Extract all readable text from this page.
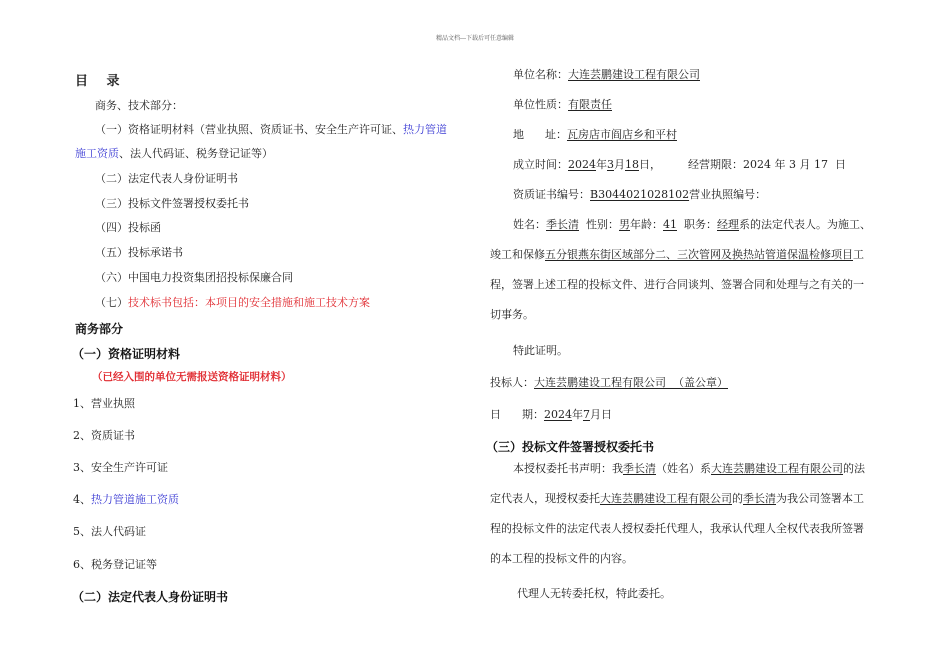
精品文档---下载后可任意编辑
目 录
商务、技术部分：
（一）资格证明材料（营业执照、资质证书、安全生产许可证、热力管道
施工资质、法人代码证、税务登记证等）
（二）法定代表人身份证明书
（三）投标文件签署授权委托书
（四）投标函
（五）投标承诺书
（六）中国电力投资集团招投标保廉合同
（七）技术标书包括：本项目的安全措施和施工技术方案
商务部分
（一）资格证明材料
（已经入围的单位无需报送资格证明材料）
1、营业执照
2、资质证书
3、安全生产许可证
4、热力管道施工资质
5、法人代码证
6、税务登记证等
（二）法定代表人身份证明书
单位名称：大连芸鹏建设工程有限公司
单位性质：有限责任
地      址：瓦房店市阎店乡和平村
成立时间：2024年3月18日， 经营期限：2024 年 3 月 17  日
资质证书编号：B3044021028102营业执照编号：
姓名：季长清  性别：男年龄：41  职务：经理系的法定代表人。为施工、
竣工和保修五分银燕东街区域部分二、三次管网及换热站管道保温检修项目工
程，签署上述工程的投标文件、进行合同谈判、签署合同和处理与之有关的一
切事务。
特此证明。
投标人：大连芸鹏建设工程有限公司  （盖公章）
日      期：2024年7月日
（三）投标文件签署授权委托书
本授权委托书声明：我季长清（姓名）系大连芸鹏建设工程有限公司的法
定代表人，现授权委托大连芸鹏建设工程有限公司的季长清为我公司签署本工
程的投标文件的法定代表人授权委托代理人，我承认代理人全权代表我所签署
的本工程的投标文件的内容。
代理人无转委托权，特此委托。
